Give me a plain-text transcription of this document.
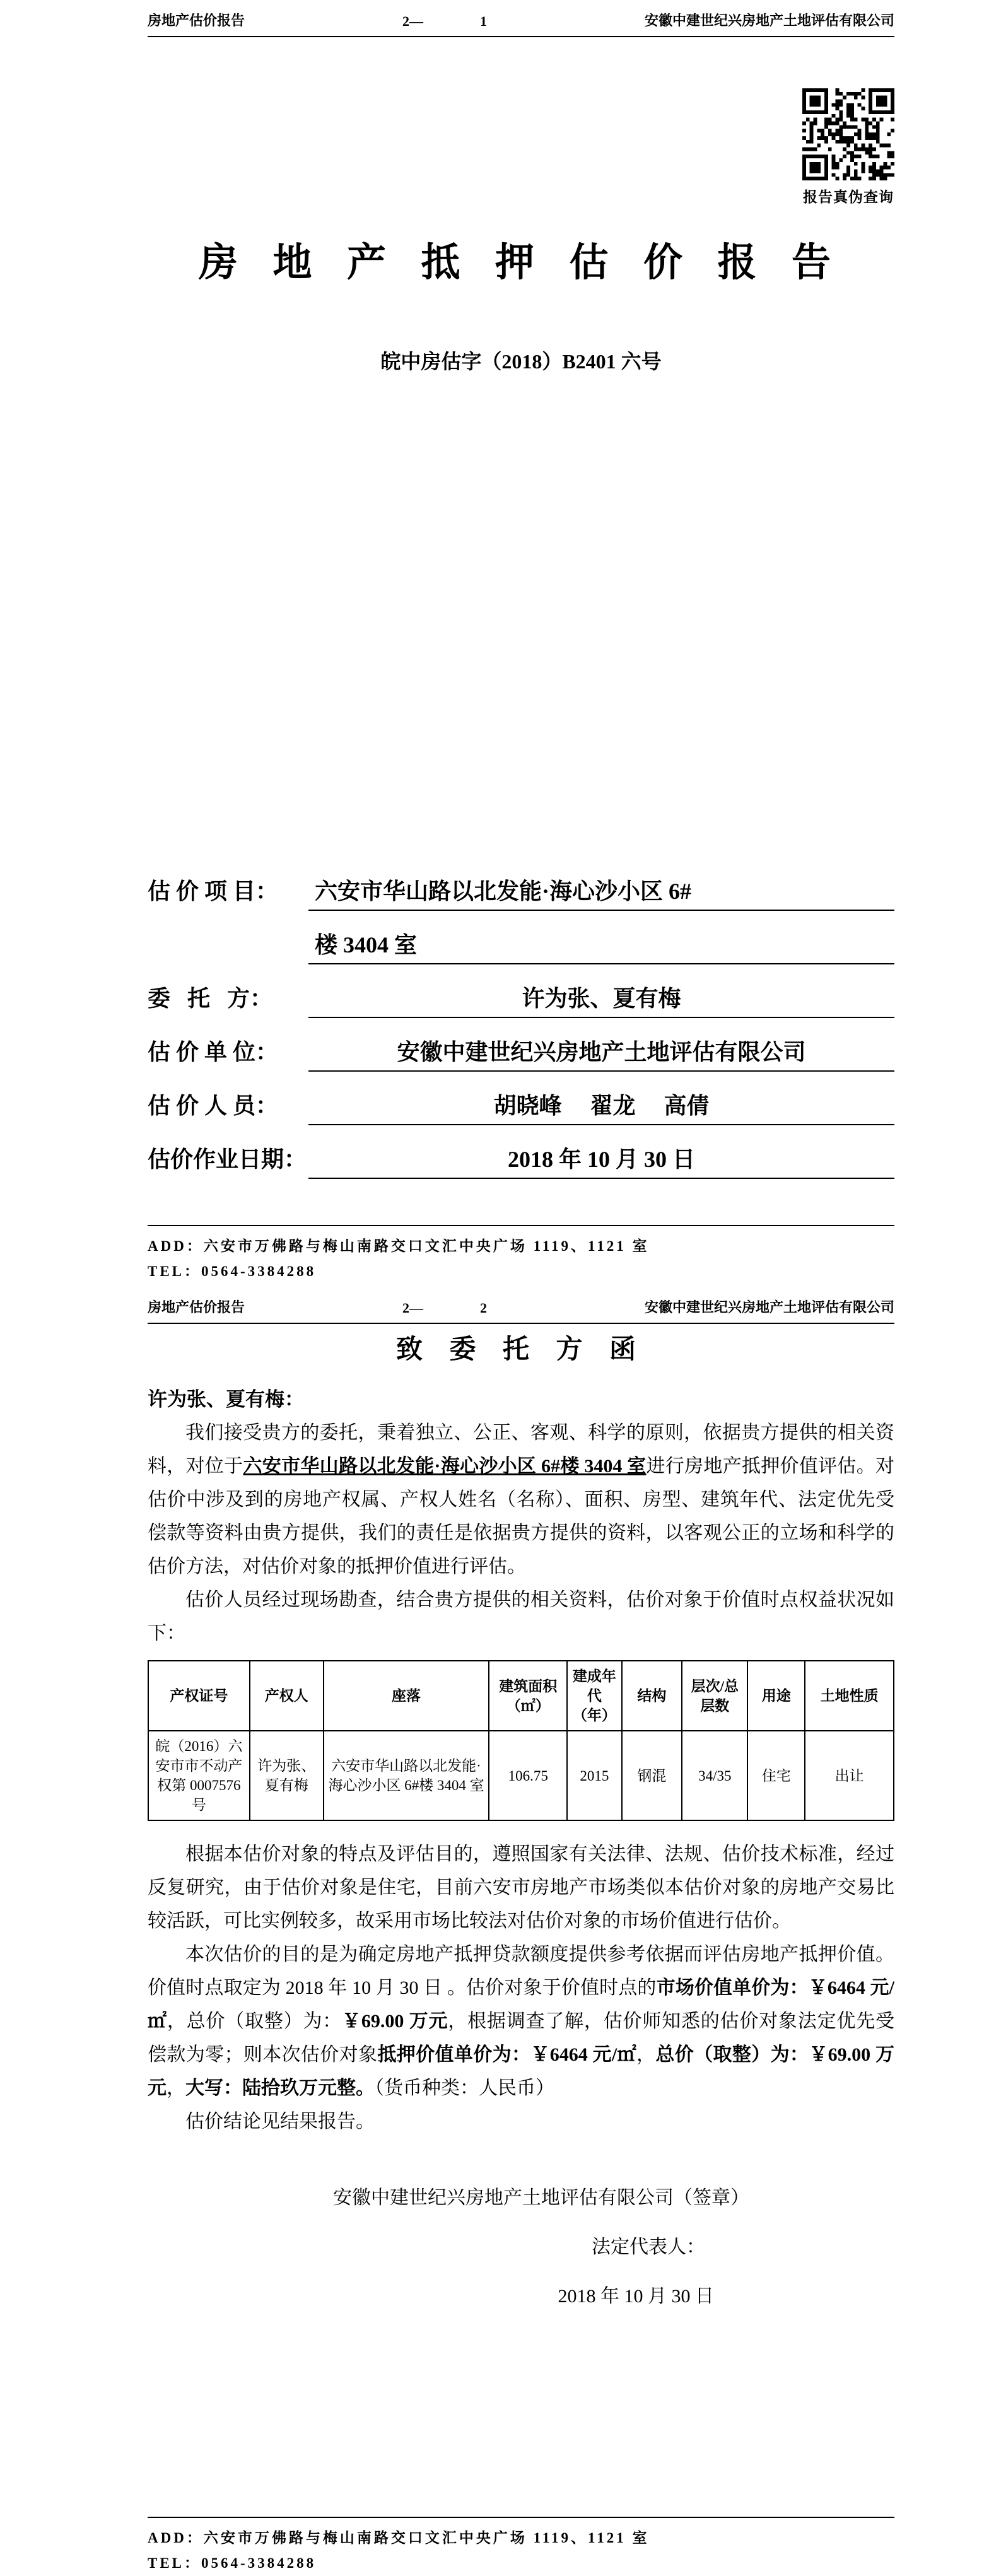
房地产估价报告	2—	1	安徽中建世纪兴房地产土地评估有限公司
报告真伪查询
房 地 产 抵 押 估 价 报 告
皖中房估字（2018）B2401 六号
估 价 项 目：	六安市华山路以北发能·海心沙小区 6#
楼 3404 室
委   托   方：	许为张、夏有梅
估 价 单 位：	安徽中建世纪兴房地产土地评估有限公司
估 价 人 员：	胡晓峰　 翟龙　 高倩
估价作业日期：	2018 年 10 月 30 日
ADD：六安市万佛路与梅山南路交口文汇中央广场 1119、1121 室
TEL：0564-3384288
房地产估价报告	2—	2	安徽中建世纪兴房地产土地评估有限公司
致 委 托 方 函
许为张、夏有梅：

我们接受贵方的委托，秉着独立、公正、客观、科学的原则，依据贵方提供的相关资料，对位于六安市华山路以北发能·海心沙小区 6#楼 3404 室进行房地产抵押价值评估。对估价中涉及到的房地产权属、产权人姓名（名称）、面积、房型、建筑年代、法定优先受偿款等资料由贵方提供，我们的责任是依据贵方提供的资料，以客观公正的立场和科学的估价方法，对估价对象的抵押价值进行评估。

估价人员经过现场勘查，结合贵方提供的相关资料，估价对象于价值时点权益状况如下：

产权证号	产权人	座落	建筑面积（㎡）	建成年代（年）	结构	层次/总层数	用途	土地性质
皖（2016）六安市市不动产权第 0007576 号	许为张、夏有梅	六安市华山路以北发能·海心沙小区 6#楼 3404 室	106.75	2015	钢混	34/35	住宅	出让

根据本估价对象的特点及评估目的，遵照国家有关法律、法规、估价技术标准，经过反复研究，由于估价对象是住宅，目前六安市房地产市场类似本估价对象的房地产交易比较活跃，可比实例较多，故采用市场比较法对估价对象的市场价值进行估价。

本次估价的目的是为确定房地产抵押贷款额度提供参考依据而评估房地产抵押价值。价值时点取定为 2018 年 10 月 30 日 。估价对象于价值时点的市场价值单价为：￥6464 元/㎡，总价（取整）为：￥69.00 万元，根据调查了解，估价师知悉的估价对象法定优先受偿款为零；则本次估价对象抵押价值单价为：￥6464 元/㎡，总价（取整）为：￥69.00 万元，大写：陆拾玖万元整。（货币种类：人民币）

估价结论见结果报告。

安徽中建世纪兴房地产土地评估有限公司（签章）
法定代表人：
2018 年 10 月 30 日
ADD：六安市万佛路与梅山南路交口文汇中央广场 1119、1121 室
TEL：0564-3384288
